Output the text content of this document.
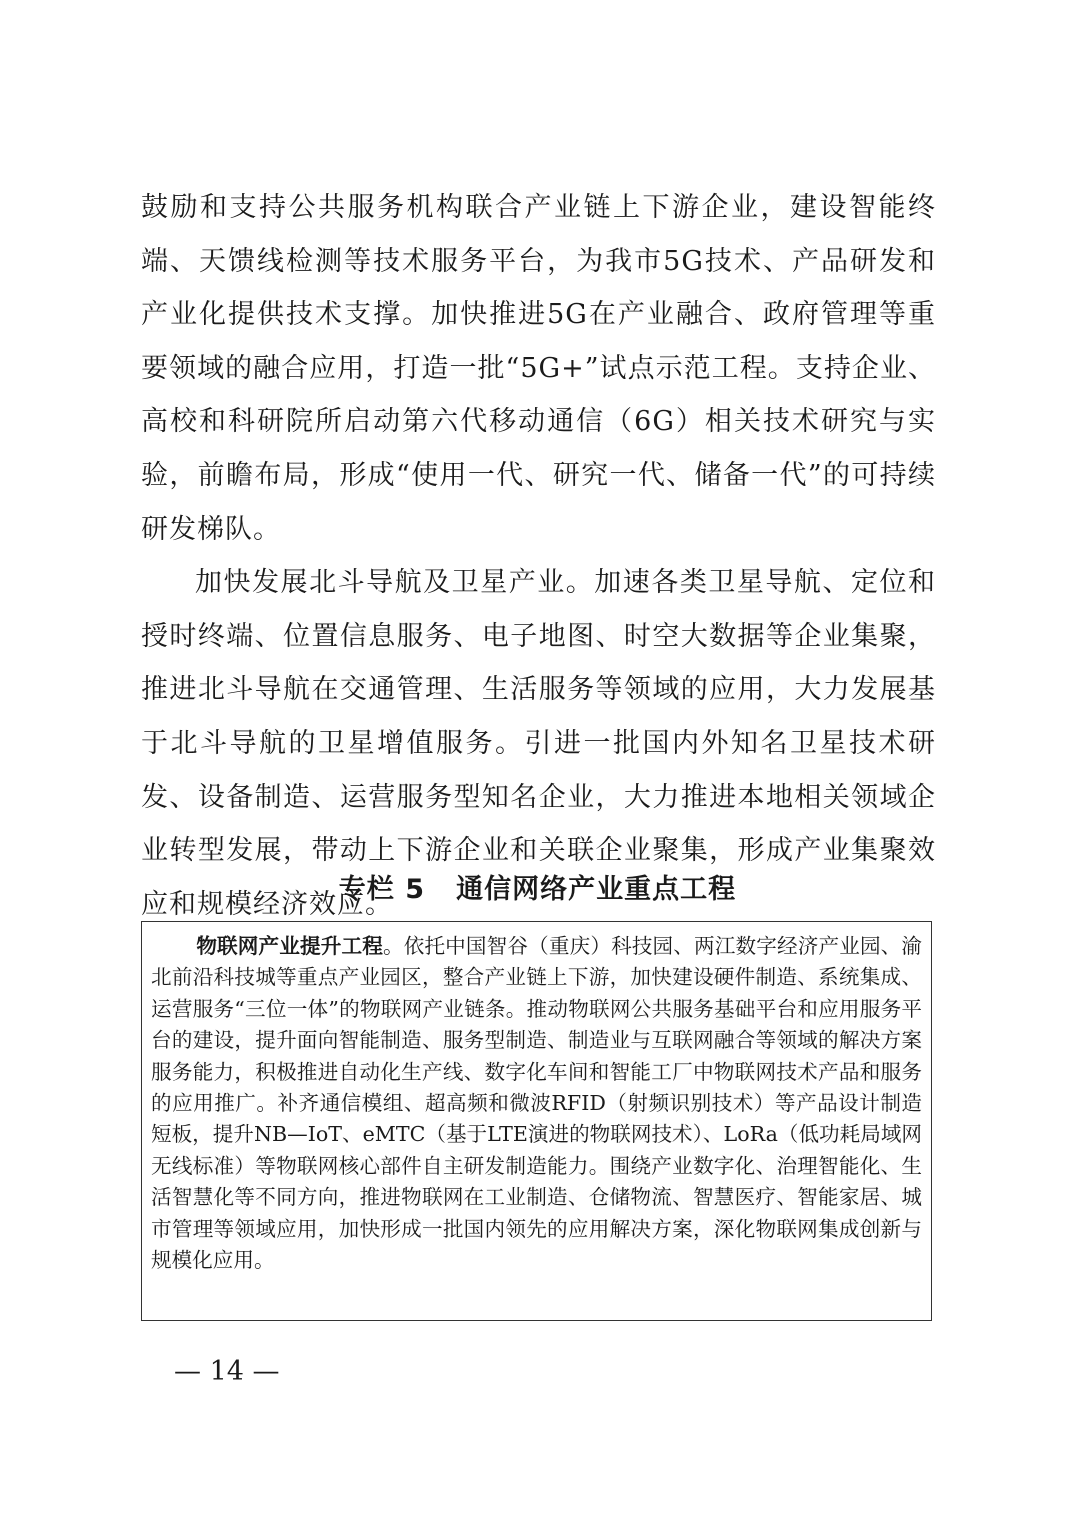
鼓励和支持公共服务机构联合产业链上下游企业，建设智能终端、天馈线检测等技术服务平台，为我市5G技术、产品研发和产业化提供技术支撑。加快推进5G在产业融合、政府管理等重要领域的融合应用，打造一批“5G+”试点示范工程。支持企业、高校和科研院所启动第六代移动通信（6G）相关技术研究与实验，前瞻布局，形成“使用一代、研究一代、储备一代”的可持续研发梯队。

加快发展北斗导航及卫星产业。加速各类卫星导航、定位和授时终端、位置信息服务、电子地图、时空大数据等企业集聚，推进北斗导航在交通管理、生活服务等领域的应用，大力发展基于北斗导航的卫星增值服务。引进一批国内外知名卫星技术研发、设备制造、运营服务型知名企业，大力推进本地相关领域企业转型发展，带动上下游企业和关联企业聚集，形成产业集聚效应和规模经济效应。

专栏 5   通信网络产业重点工程

物联网产业提升工程。依托中国智谷（重庆）科技园、两江数字经济产业园、渝北前沿科技城等重点产业园区，整合产业链上下游，加快建设硬件制造、系统集成、运营服务“三位一体”的物联网产业链条。推动物联网公共服务基础平台和应用服务平台的建设，提升面向智能制造、服务型制造、制造业与互联网融合等领域的解决方案服务能力，积极推进自动化生产线、数字化车间和智能工厂中物联网技术产品和服务的应用推广。补齐通信模组、超高频和微波RFID（射频识别技术）等产品设计制造短板，提升NB—IoT、eMTC（基于LTE演进的物联网技术）、LoRa（低功耗局域网无线标准）等物联网核心部件自主研发制造能力。围绕产业数字化、治理智能化、生活智慧化等不同方向，推进物联网在工业制造、仓储物流、智慧医疗、智能家居、城市管理等领域应用，加快形成一批国内领先的应用解决方案，深化物联网集成创新与规模化应用。

— 14 —
